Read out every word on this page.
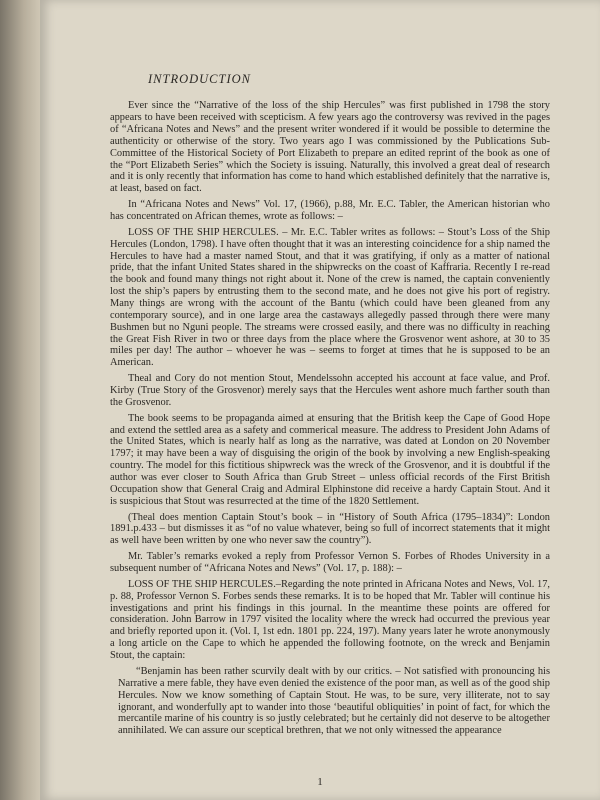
INTRODUCTION

Ever since the “Narrative of the loss of the ship Hercules” was first published in 1798 the story appears to have been received with scepticism. A few years ago the controversy was revived in the pages of “Africana Notes and News” and the present writer wondered if it would be possible to determine the authenticity or otherwise of the story. Two years ago I was commissioned by the Publications Sub-Committee of the Historical Society of Port Elizabeth to prepare an edited reprint of the book as one of the “Port Elizabeth Series” which the Society is issuing. Naturally, this involved a great deal of research and it is only recently that information has come to hand which established definitely that the narrative is, at least, based on fact.

In “Africana Notes and News” Vol. 17, (1966), p.88, Mr. E.C. Tabler, the American historian who has concentrated on African themes, wrote as follows: –

LOSS OF THE SHIP HERCULES. – Mr. E.C. Tabler writes as follows: – Stout’s Loss of the Ship Hercules (London, 1798). I have often thought that it was an interesting coincidence for a ship named the Hercules to have had a master named Stout, and that it was gratifying, if only as a matter of national pride, that the infant United States shared in the shipwrecks on the coast of Kaffraria. Recently I re-read the book and found many things not right about it. None of the crew is named, the captain conveniently lost the ship’s papers by entrusting them to the second mate, and he does not give his port of registry. Many things are wrong with the account of the Bantu (which could have been gleaned from any contemporary source), and in one large area the castaways allegedly passed through there were many Bushmen but no Nguni people. The streams were crossed easily, and there was no difficulty in reaching the Great Fish River in two or three days from the place where the Grosvenor went ashore, at 30 to 35 miles per day! The author – whoever he was – seems to forget at times that he is supposed to be an American.

Theal and Cory do not mention Stout, Mendelssohn accepted his account at face value, and Prof. Kirby (True Story of the Grosvenor) merely says that the Hercules went ashore much farther south than the Grosvenor.

The book seems to be propaganda aimed at ensuring that the British keep the Cape of Good Hope and extend the settled area as a safety and commerical measure. The address to President John Adams of the United States, which is nearly half as long as the narrative, was dated at London on 20 November 1797; it may have been a way of disguising the origin of the book by involving a new English-speaking country. The model for this fictitious shipwreck was the wreck of the Grosvenor, and it is doubtful if the author was ever closer to South Africa than Grub Street – unless official records of the First British Occupation show that General Craig and Admiral Elphinstone did receive a hardy Captain Stout. And it is suspicious that Stout was resurrected at the time of the 1820 Settlement.

(Theal does mention Captain Stout’s book – in “History of South Africa (1795–1834)”: London 1891.p.433 – but dismisses it as “of no value whatever, being so full of incorrect statements that it might as well have been written by one who never saw the country”).

Mr. Tabler’s remarks evoked a reply from Professor Vernon S. Forbes of Rhodes University in a subsequent number of “Africana Notes and News” (Vol. 17, p. 188): –

LOSS OF THE SHIP HERCULES.–Regarding the note printed in Africana Notes and News, Vol. 17, p. 88, Professor Vernon S. Forbes sends these remarks. It is to be hoped that Mr. Tabler will continue his investigations and print his findings in this journal. In the meantime these points are offered for consideration. John Barrow in 1797 visited the locality where the wreck had occurred the previous year and briefly reported upon it. (Vol. I, 1st edn. 1801 pp. 224, 197). Many years later he wrote anonymously a long article on the Cape to which he appended the following footnote, on the wreck and Benjamin Stout, the captain:

“Benjamin has been rather scurvily dealt with by our critics. – Not satisfied with pronouncing his Narrative a mere fable, they have even denied the existence of the poor man, as well as of the good ship Hercules. Now we know something of Captain Stout. He was, to be sure, very illiterate, not to say ignorant, and wonderfully apt to wander into those ‘beautiful obliquities’ in point of fact, for which the mercantile marine of his country is so justly celebrated; but he certainly did not deserve to be altogether annihilated. We can assure our sceptical brethren, that we not only witnessed the appearance

1
